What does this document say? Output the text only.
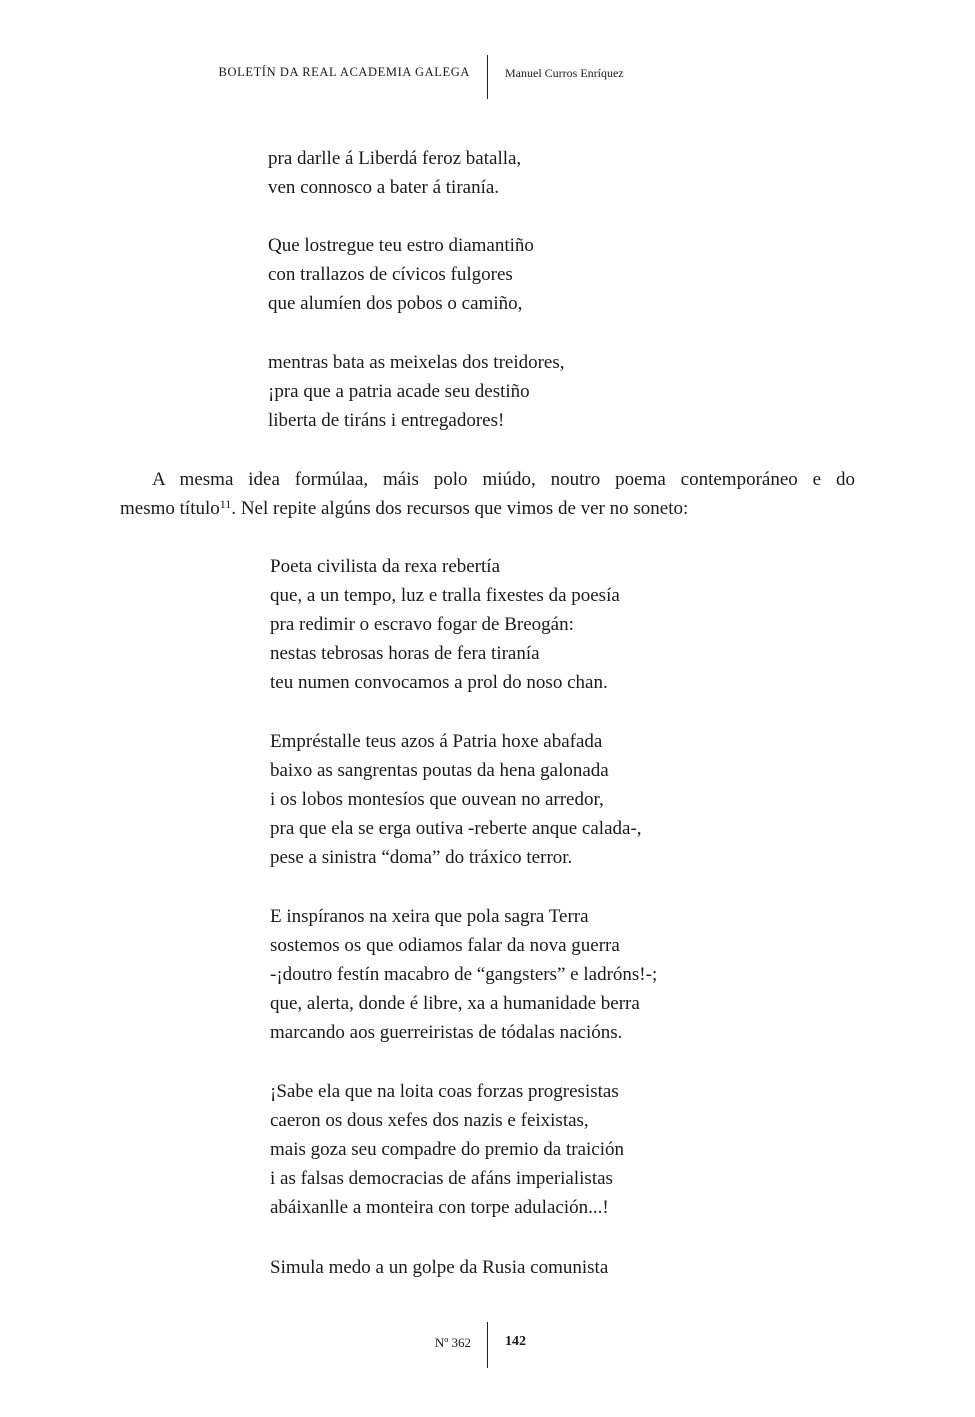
BOLETÍN DA REAL ACADEMIA GALEGA	Manuel Curros Enríquez
pra darlle á Liberdá feroz batalla,
ven connosco a bater á tiranía.
Que lostregue teu estro diamantiño
con trallazos de cívicos fulgores
que alumíen dos pobos o camiño,
mentras bata as meixelas dos treidores,
¡pra que a patria acade seu destiño
liberta de tiráns i entregadores!
A mesma idea formúlaa, máis polo miúdo, noutro poema contemporáneo e do
mesmo título$^{11}$. Nel repite algúns dos recursos que vimos de ver no soneto:
Poeta civilista da rexa rebertía
que, a un tempo, luz e tralla fixestes da poesía
pra redimir o escravo fogar de Breogán:
nestas tebrosas horas de fera tiranía
teu numen convocamos a prol do noso chan.
Empréstalle teus azos á Patria hoxe abafada
baixo as sangrentas poutas da hena galonada
i os lobos montesíos que ouvean no arredor,
pra que ela se erga outiva -reberte anque calada-,
pese a sinistra “doma” do tráxico terror.
E inspíranos na xeira que pola sagra Terra
sostemos os que odiamos falar da nova guerra
-¡doutro festín macabro de “gangsters” e ladróns!-;
que, alerta, donde é libre, xa a humanidade berra
marcando aos guerreiristas de tódalas nacións.
¡Sabe ela que na loita coas forzas progresistas
caeron os dous xefes dos nazis e feixistas,
mais goza seu compadre do premio da traición
i as falsas democracias de afáns imperialistas
abáixanlle a monteira con torpe adulación...!
Simula medo a un golpe da Rusia comunista
Nº 362 142
